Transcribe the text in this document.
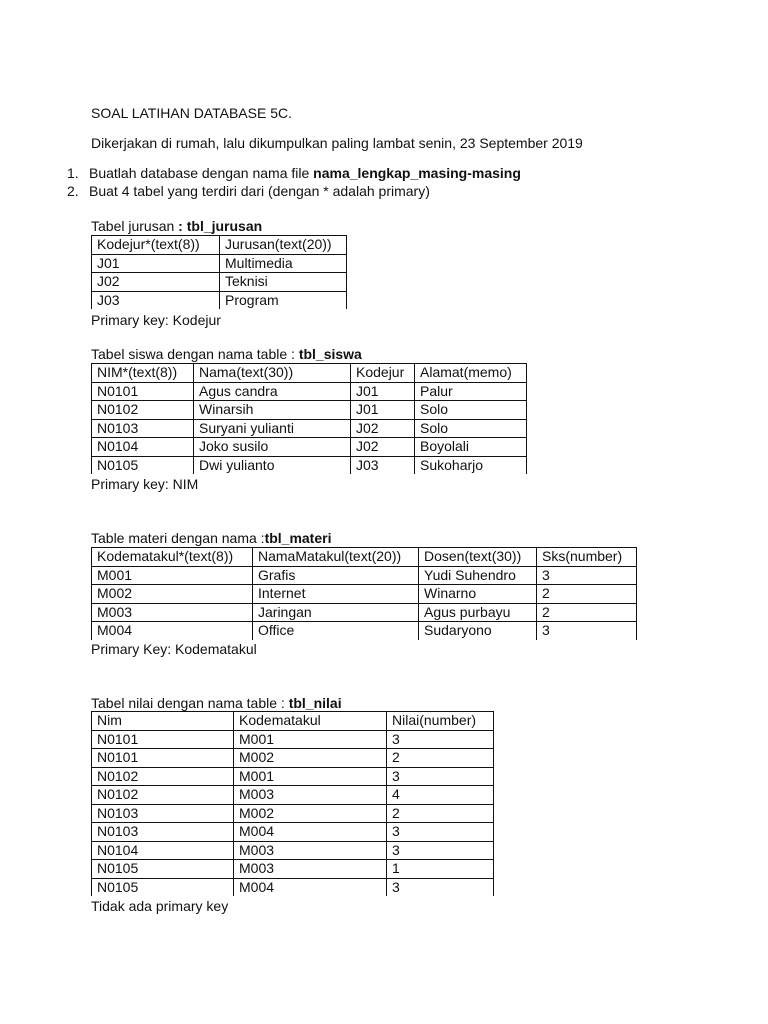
SOAL LATIHAN DATABASE 5C.
Dikerjakan di rumah, lalu dikumpulkan paling lambat senin, 23 September 2019
1. Buatlah database dengan nama file nama_lengkap_masing-masing
2. Buat 4 tabel yang terdiri dari (dengan * adalah primary)
Tabel jurusan : tbl_jurusan
Kodejur*(text(8))	Jurusan(text(20))
J01	Multimedia
J02	Teknisi
J03	Program
Primary key: Kodejur
Tabel siswa dengan nama table : tbl_siswa
NIM*(text(8))	Nama(text(30))	Kodejur	Alamat(memo)
N0101	Agus candra	J01	Palur
N0102	Winarsih	J01	Solo
N0103	Suryani yulianti	J02	Solo
N0104	Joko susilo	J02	Boyolali
N0105	Dwi yulianto	J03	Sukoharjo
Primary key: NIM
Table materi dengan nama :tbl_materi
Kodematakul*(text(8))	NamaMatakul(text(20))	Dosen(text(30))	Sks(number)
M001	Grafis	Yudi Suhendro	3
M002	Internet	Winarno	2
M003	Jaringan	Agus purbayu	2
M004	Office	Sudaryono	3
Primary Key: Kodematakul
Tabel nilai dengan nama table : tbl_nilai
Nim	Kodematakul	Nilai(number)
N0101	M001	3
N0101	M002	2
N0102	M001	3
N0102	M003	4
N0103	M002	2
N0103	M004	3
N0104	M003	3
N0105	M003	1
N0105	M004	3
Tidak ada primary key
